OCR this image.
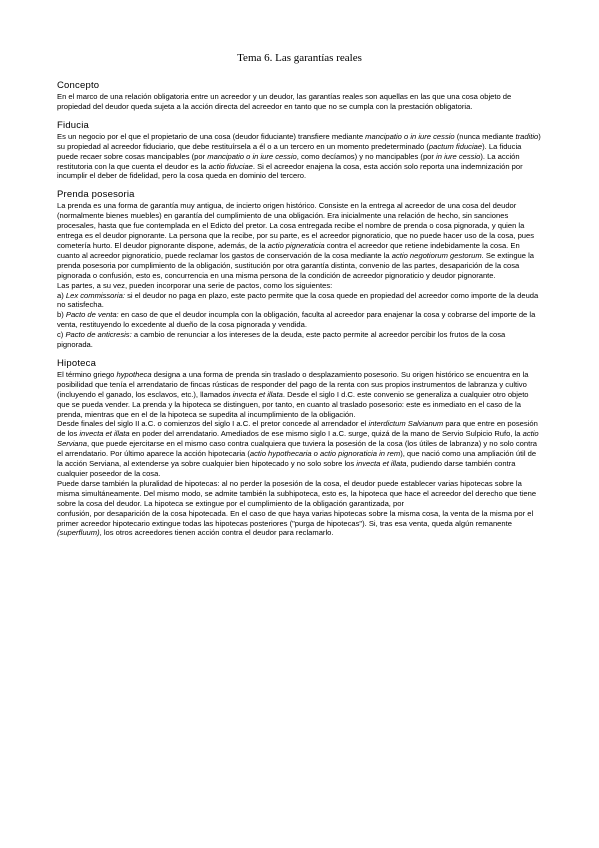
Tema 6. Las garantías reales
Concepto

En el marco de una relación obligatoria entre un acreedor y un deudor, las garantías reales son aquellas en las que una cosa objeto de propiedad del deudor queda sujeta a la acción directa del acreedor en tanto que no se cumpla con la prestación obligatoria.

Fiducia

Es un negocio por el que el propietario de una cosa (deudor fiduciante) transfiere mediante mancipatio o in iure cessio (nunca mediante traditio) su propiedad al acreedor fiduciario, que debe restituírsela a él o a un tercero en un momento predeterminado (pactum fiduciae). La fiducia puede recaer sobre cosas mancipables (por mancipatio o in iure cessio, como decíamos) y no mancipables (por in iure cessio). La acción restitutoria con la que cuenta el deudor es la actio fiduciae. Si el acreedor enajena la cosa, esta acción solo reporta una indemnización por incumplir el deber de fidelidad, pero la cosa queda en dominio del tercero.

Prenda posesoria

La prenda es una forma de garantía muy antigua, de incierto origen histórico. Consiste en la entrega al acreedor de una cosa del deudor (normalmente bienes muebles) en garantía del cumplimiento de una obligación. Era inicialmente una relación de hecho, sin sanciones procesales, hasta que fue contemplada en el Edicto del pretor. La cosa entregada recibe el nombre de prenda o cosa pignorada, y quien la entrega es el deudor pignorante. La persona que la recibe, por su parte, es el acreedor pignoraticio, que no puede hacer uso de la cosa, pues cometería hurto. El deudor pignorante dispone, además, de la actio pigneraticia contra el acreedor que retiene indebidamente la cosa. En cuanto al acreedor pignoraticio, puede reclamar los gastos de conservación de la cosa mediante la actio negotiorum gestorum. Se extingue la prenda posesoria por cumplimiento de la obligación, sustitución por otra garantía distinta, convenio de las partes, desaparición de la cosa pignorada o confusión, esto es, concurrencia en una misma persona de la condición de acreedor pignoraticio y deudor pignorante.

Las partes, a su vez, pueden incorporar una serie de pactos, como los siguientes:

a) Lex commissoria: si el deudor no paga en plazo, este pacto permite que la cosa quede en propiedad del acreedor como importe de la deuda no satisfecha.

b) Pacto de venta: en caso de que el deudor incumpla con la obligación, faculta al acreedor para enajenar la cosa y cobrarse del importe de la venta, restituyendo lo excedente al dueño de la cosa pignorada y vendida.

c) Pacto de anticresis: a cambio de renunciar a los intereses de la deuda, este pacto permite al acreedor percibir los frutos de la cosa pignorada.

Hipoteca

El término griego hypotheca designa a una forma de prenda sin traslado o desplazamiento posesorio. Su origen histórico se encuentra en la posibilidad que tenía el arrendatario de fincas rústicas de responder del pago de la renta con sus propios instrumentos de labranza y cultivo (incluyendo el ganado, los esclavos, etc.), llamados invecta et illata. Desde el siglo I d.C. este convenio se generaliza a cualquier otro objeto que se pueda vender. La prenda y la hipoteca se distinguen, por tanto, en cuanto al traslado posesorio: este es inmediato en el caso de la prenda, mientras que en el de la hipoteca se supedita al incumplimiento de la obligación.

Desde finales del siglo II a.C. o comienzos del siglo I a.C. el pretor concede al arrendador el interdictum Salvianum para que entre en posesión de los invecta et illata en poder del arrendatario. Amediados de ese mismo siglo I a.C. surge, quizá de la mano de Servio Sulpicio Rufo, la actio Serviana, que puede ejercitarse en el mismo caso contra cualquiera que tuviera la posesión de la cosa (los útiles de labranza) y no solo contra el arrendatario. Por último aparece la acción hipotecaria (actio hypothecaria o actio pignoraticia in rem), que nació como una ampliación útil de la acción Serviana, al extenderse ya sobre cualquier bien hipotecado y no solo sobre los invecta et illata, pudiendo darse también contra cualquier poseedor de la cosa.

Puede darse también la pluralidad de hipotecas: al no perder la posesión de la cosa, el deudor puede establecer varias hipotecas sobre la misma simultáneamente. Del mismo modo, se admite también la subhipoteca, esto es, la hipoteca que hace el acreedor del derecho que tiene sobre la cosa del deudor. La hipoteca se extingue por el cumplimiento de la obligación garantizada, por

confusión, por desaparición de la cosa hipotecada. En el caso de que haya varias hipotecas sobre la misma cosa, la venta de la misma por el primer acreedor hipotecario extingue todas las hipotecas posteriores ("purga de hipotecas"). Si, tras esa venta, queda algún remanente (superfluum), los otros acreedores tienen acción contra el deudor para reclamarlo.
